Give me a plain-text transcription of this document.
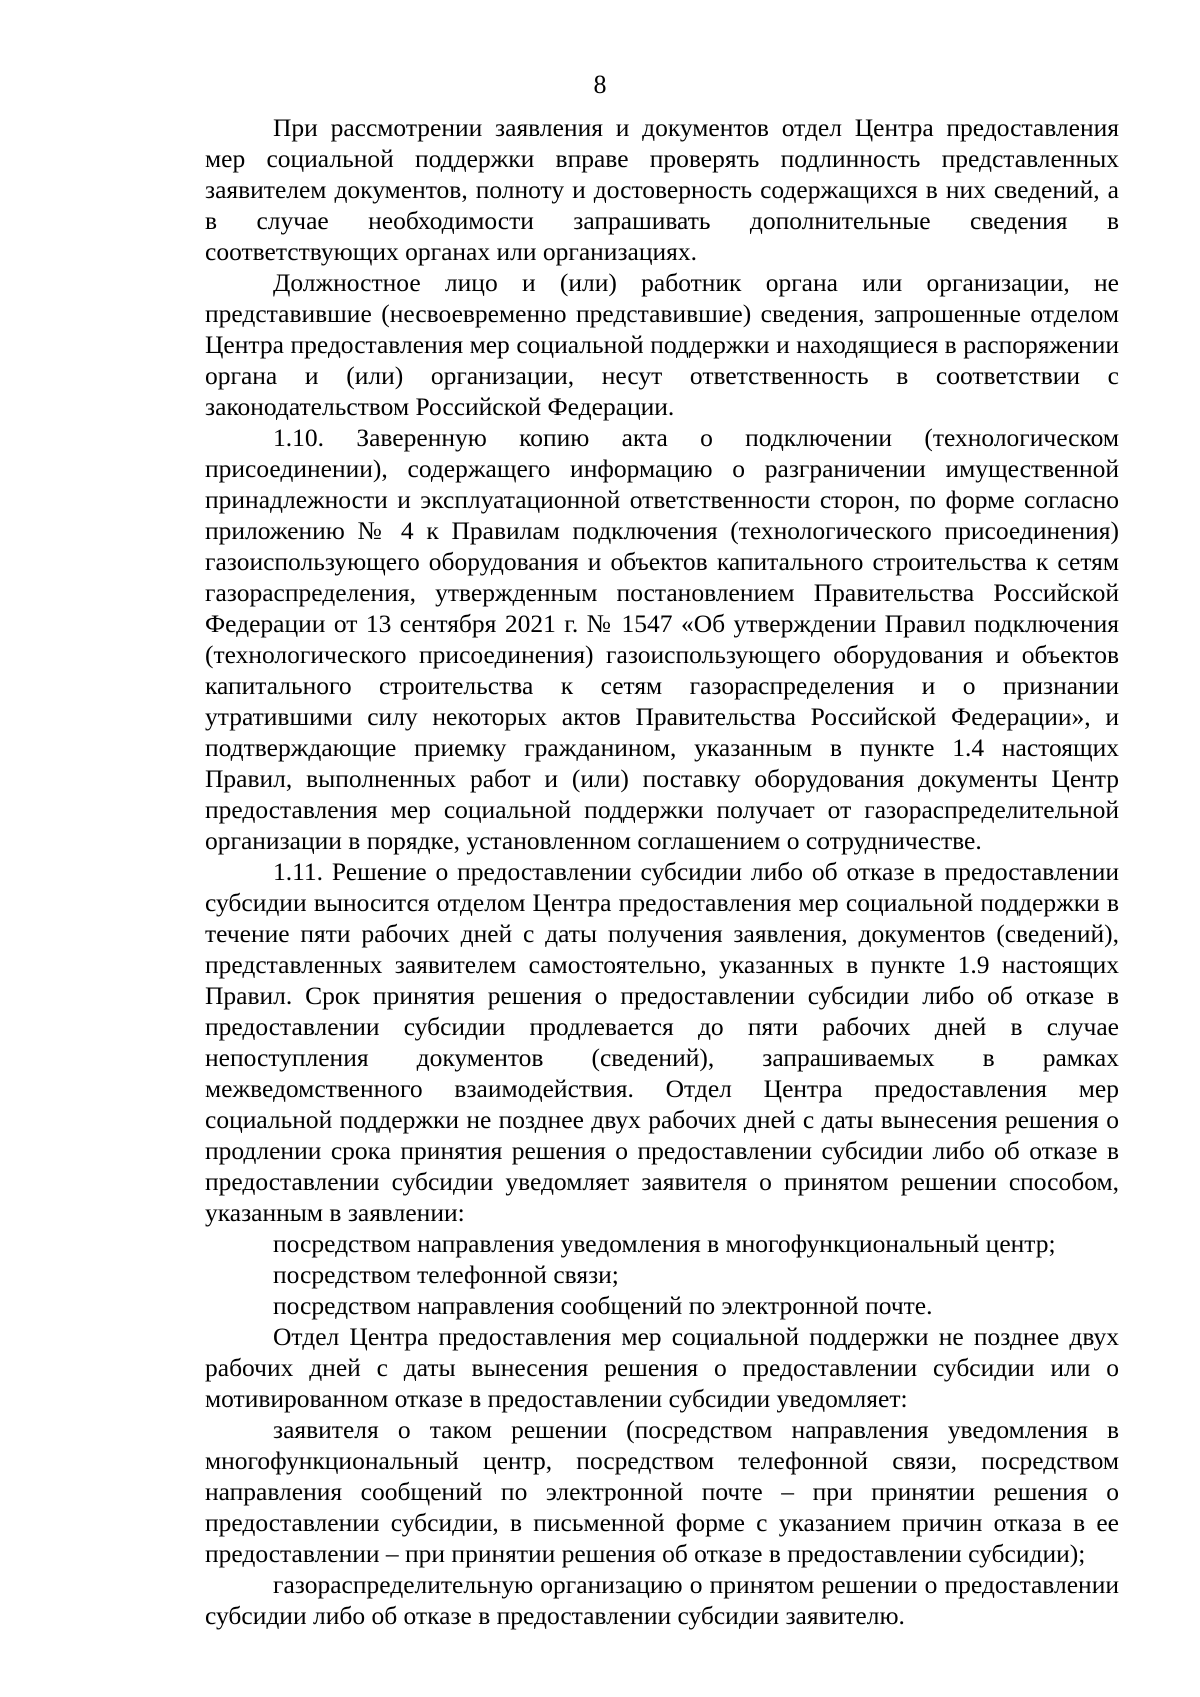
8

При рассмотрении заявления и документов отдел Центра предоставления мер социальной поддержки вправе проверять подлинность представленных заявителем документов, полноту и достоверность содержащихся в них сведений, а в случае необходимости запрашивать дополнительные сведения в соответствующих органах или организациях.

Должностное лицо и (или) работник органа или организации, не представившие (несвоевременно представившие) сведения, запрошенные отделом Центра предоставления мер социальной поддержки и находящиеся в распоряжении органа и (или) организации, несут ответственность в соответствии с законодательством Российской Федерации.

1.10. Заверенную копию акта о подключении (технологическом присоединении), содержащего информацию о разграничении имущественной принадлежности и эксплуатационной ответственности сторон, по форме согласно приложению № 4 к Правилам подключения (технологического присоединения) газоиспользующего оборудования и объектов капитального строительства к сетям газораспределения, утвержденным постановлением Правительства Российской Федерации от 13 сентября 2021 г. № 1547 «Об утверждении Правил подключения (технологического присоединения) газоиспользующего оборудования и объектов капитального строительства к сетям газораспределения и о признании утратившими силу некоторых актов Правительства Российской Федерации», и подтверждающие приемку гражданином, указанным в пункте 1.4 настоящих Правил, выполненных работ и (или) поставку оборудования документы Центр предоставления мер социальной поддержки получает от газораспределительной организации в порядке, установленном соглашением о сотрудничестве.

1.11. Решение о предоставлении субсидии либо об отказе в предоставлении субсидии выносится отделом Центра предоставления мер социальной поддержки в течение пяти рабочих дней с даты получения заявления, документов (сведений), представленных заявителем самостоятельно, указанных в пункте 1.9 настоящих Правил. Срок принятия решения о предоставлении субсидии либо об отказе в предоставлении субсидии продлевается до пяти рабочих дней в случае непоступления документов (сведений), запрашиваемых в рамках межведомственного взаимодействия. Отдел Центра предоставления мер социальной поддержки не позднее двух рабочих дней с даты вынесения решения о продлении срока принятия решения о предоставлении субсидии либо об отказе в предоставлении субсидии уведомляет заявителя о принятом решении способом, указанным в заявлении:

посредством направления уведомления в многофункциональный центр;

посредством телефонной связи;

посредством направления сообщений по электронной почте.

Отдел Центра предоставления мер социальной поддержки не позднее двух рабочих дней с даты вынесения решения о предоставлении субсидии или о мотивированном отказе в предоставлении субсидии уведомляет:

заявителя о таком решении (посредством направления уведомления в многофункциональный центр, посредством телефонной связи, посредством направления сообщений по электронной почте – при принятии решения о предоставлении субсидии, в письменной форме с указанием причин отказа в ее предоставлении – при принятии решения об отказе в предоставлении субсидии);

газораспределительную организацию о принятом решении о предоставлении субсидии либо об отказе в предоставлении субсидии заявителю.
